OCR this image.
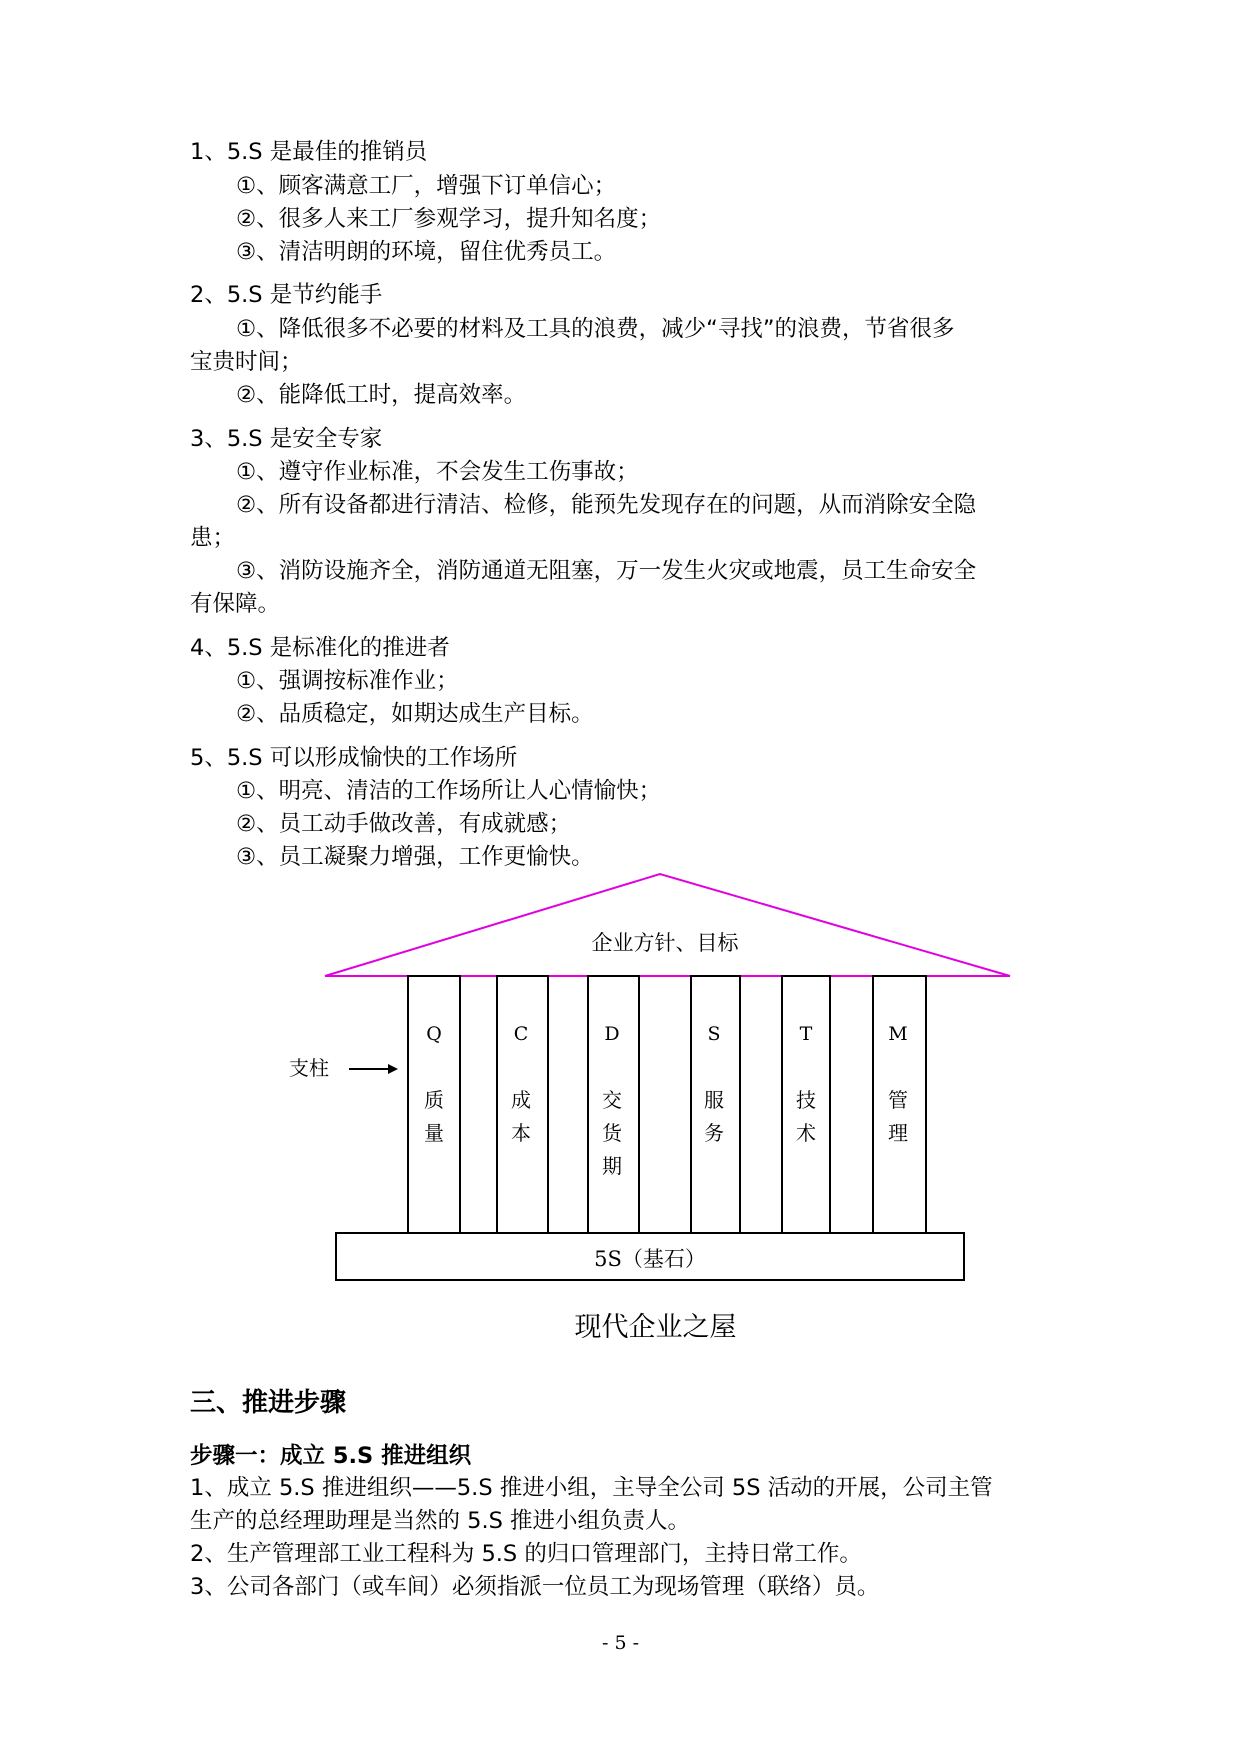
1、5.S 是最佳的推销员
①、顾客满意工厂，增强下订单信心；
②、很多人来工厂参观学习，提升知名度；
③、清洁明朗的环境，留住优秀员工。
2、5.S 是节约能手
①、降低很多不必要的材料及工具的浪费，减少“寻找”的浪费，节省很多
宝贵时间；
②、能降低工时，提高效率。
3、5.S 是安全专家
①、遵守作业标准，不会发生工伤事故；
②、所有设备都进行清洁、检修，能预先发现存在的问题，从而消除安全隐
患；
③、消防设施齐全，消防通道无阻塞，万一发生火灾或地震，员工生命安全
有保障。
4、5.S 是标准化的推进者
①、强调按标准作业；
②、品质稳定，如期达成生产目标。
5、5.S 可以形成愉快的工作场所
①、明亮、清洁的工作场所让人心情愉快；
②、员工动手做改善，有成就感；
③、员工凝聚力增强，工作更愉快。
企业方针、目标
Q	C	D	S	T	M
质
量
成
本
交
货
期
服
务
技
术
管
理
支柱
5S（基石）
现代企业之屋
三、推进步骤
步骤一：成立 5.S 推进组织
1、成立 5.S 推进组织——5.S 推进小组，主导全公司 5S 活动的开展，公司主管
生产的总经理助理是当然的 5.S 推进小组负责人。
2、生产管理部工业工程科为 5.S 的归口管理部门，主持日常工作。
3、公司各部门（或车间）必须指派一位员工为现场管理（联络）员。
- 5 -
